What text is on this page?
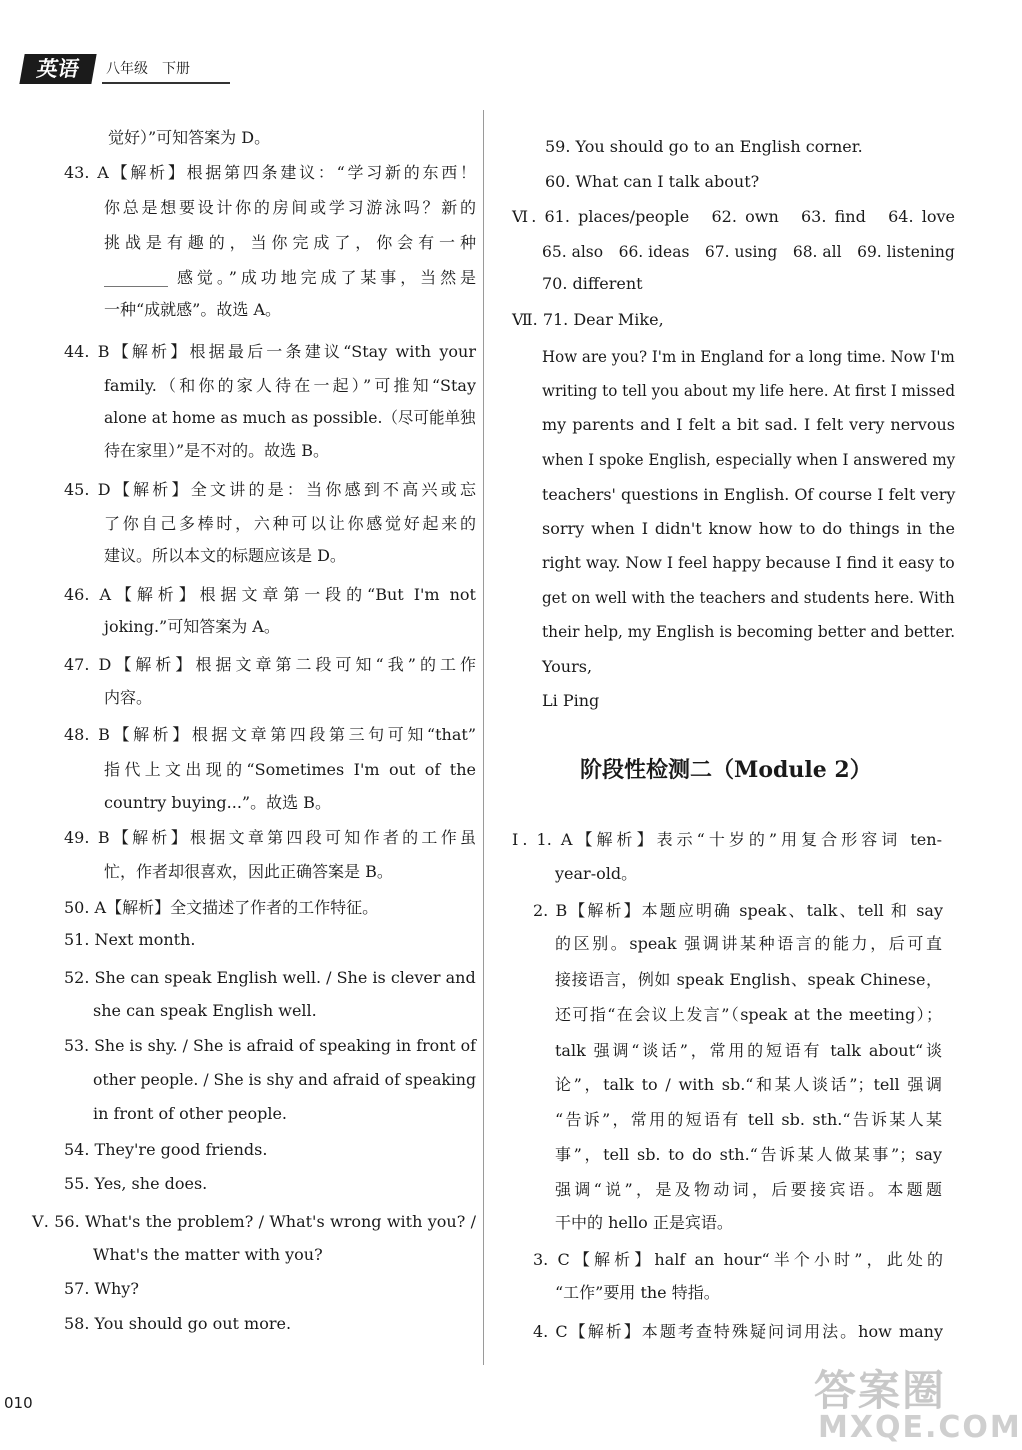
英语	八年级　下册
觉好）”可知答案为 D。
43. A【解析】根据第四条建议：“学习新的东西！
你总是想要设计你的房间或学习游泳吗？新的
挑战是有趣的，当你完成了，你会有一种
________ 感觉。”成功地完成了某事，当然是
一种“成就感”。故选 A。
44. B【解析】根据最后一条建议“Stay with your
family.（和你的家人待在一起）”可推知“Stay
alone at home as much as possible.（尽可能单独
待在家里）”是不对的。故选 B。
45. D【解析】全文讲的是：当你感到不高兴或忘
了你自己多棒时，六种可以让你感觉好起来的
建议。所以本文的标题应该是 D。
46. A【解析】根据文章第一段的“But I'm not
joking.”可知答案为 A。
47. D【解析】根据文章第二段可知“我”的工作
内容。
48. B【解析】根据文章第四段第三句可知“that”
指代上文出现的“Sometimes I'm out of the
country buying...”。故选 B。
49. B【解析】根据文章第四段可知作者的工作虽
忙，作者却很喜欢，因此正确答案是 B。
50. A【解析】全文描述了作者的工作特征。
51. Next month.
52. She can speak English well. / She is clever and
she can speak English well.
53. She is shy. / She is afraid of speaking in front of
other people. / She is shy and afraid of speaking
in front of other people.
54. They're good friends.
55. Yes, she does.
Ⅴ. 56. What's the problem? / What's wrong with you? /
What's the matter with you?
57. Why?
58. You should go out more.
59. You should go to an English corner.
60. What can I talk about?
Ⅵ. 61. places/people　62. own　63. find　64. love
65. also　66. ideas　67. using　68. all　69. listening
70. different
Ⅶ. 71. Dear Mike,
How are you? I'm in England for a long time. Now I'm
writing to tell you about my life here. At first I missed
my parents and I felt a bit sad. I felt very nervous
when I spoke English, especially when I answered my
teachers' questions in English. Of course I felt very
sorry when I didn't know how to do things in the
right way. Now I feel happy because I find it easy to
get on well with the teachers and students here. With
their help, my English is becoming better and better.
Yours,
Li Ping
阶段性检测二（Module 2）
Ⅰ. 1. A【解析】表示“十岁的”用复合形容词 ten-
year-old。
2. B【解析】本题应明确 speak、talk、tell 和 say
的区别。speak 强调讲某种语言的能力，后可直
接接语言，例如 speak English、speak Chinese，
还可指“在会议上发言”（speak at the meeting）；
talk 强调“谈话”，常用的短语有 talk about“谈
论”，talk to / with sb.“和某人谈话”；tell 强调
“告诉”，常用的短语有 tell sb. sth.“告诉某人某
事”，tell sb. to do sth.“告诉某人做某事”；say
强调“说”，是及物动词，后要接宾语。本题题
干中的 hello 正是宾语。
3. C【解析】half an hour“半个小时”，此处的
“工作”要用 the 特指。
4. C【解析】本题考查特殊疑问词用法。how many
010	答案圈
MXQE.COM
